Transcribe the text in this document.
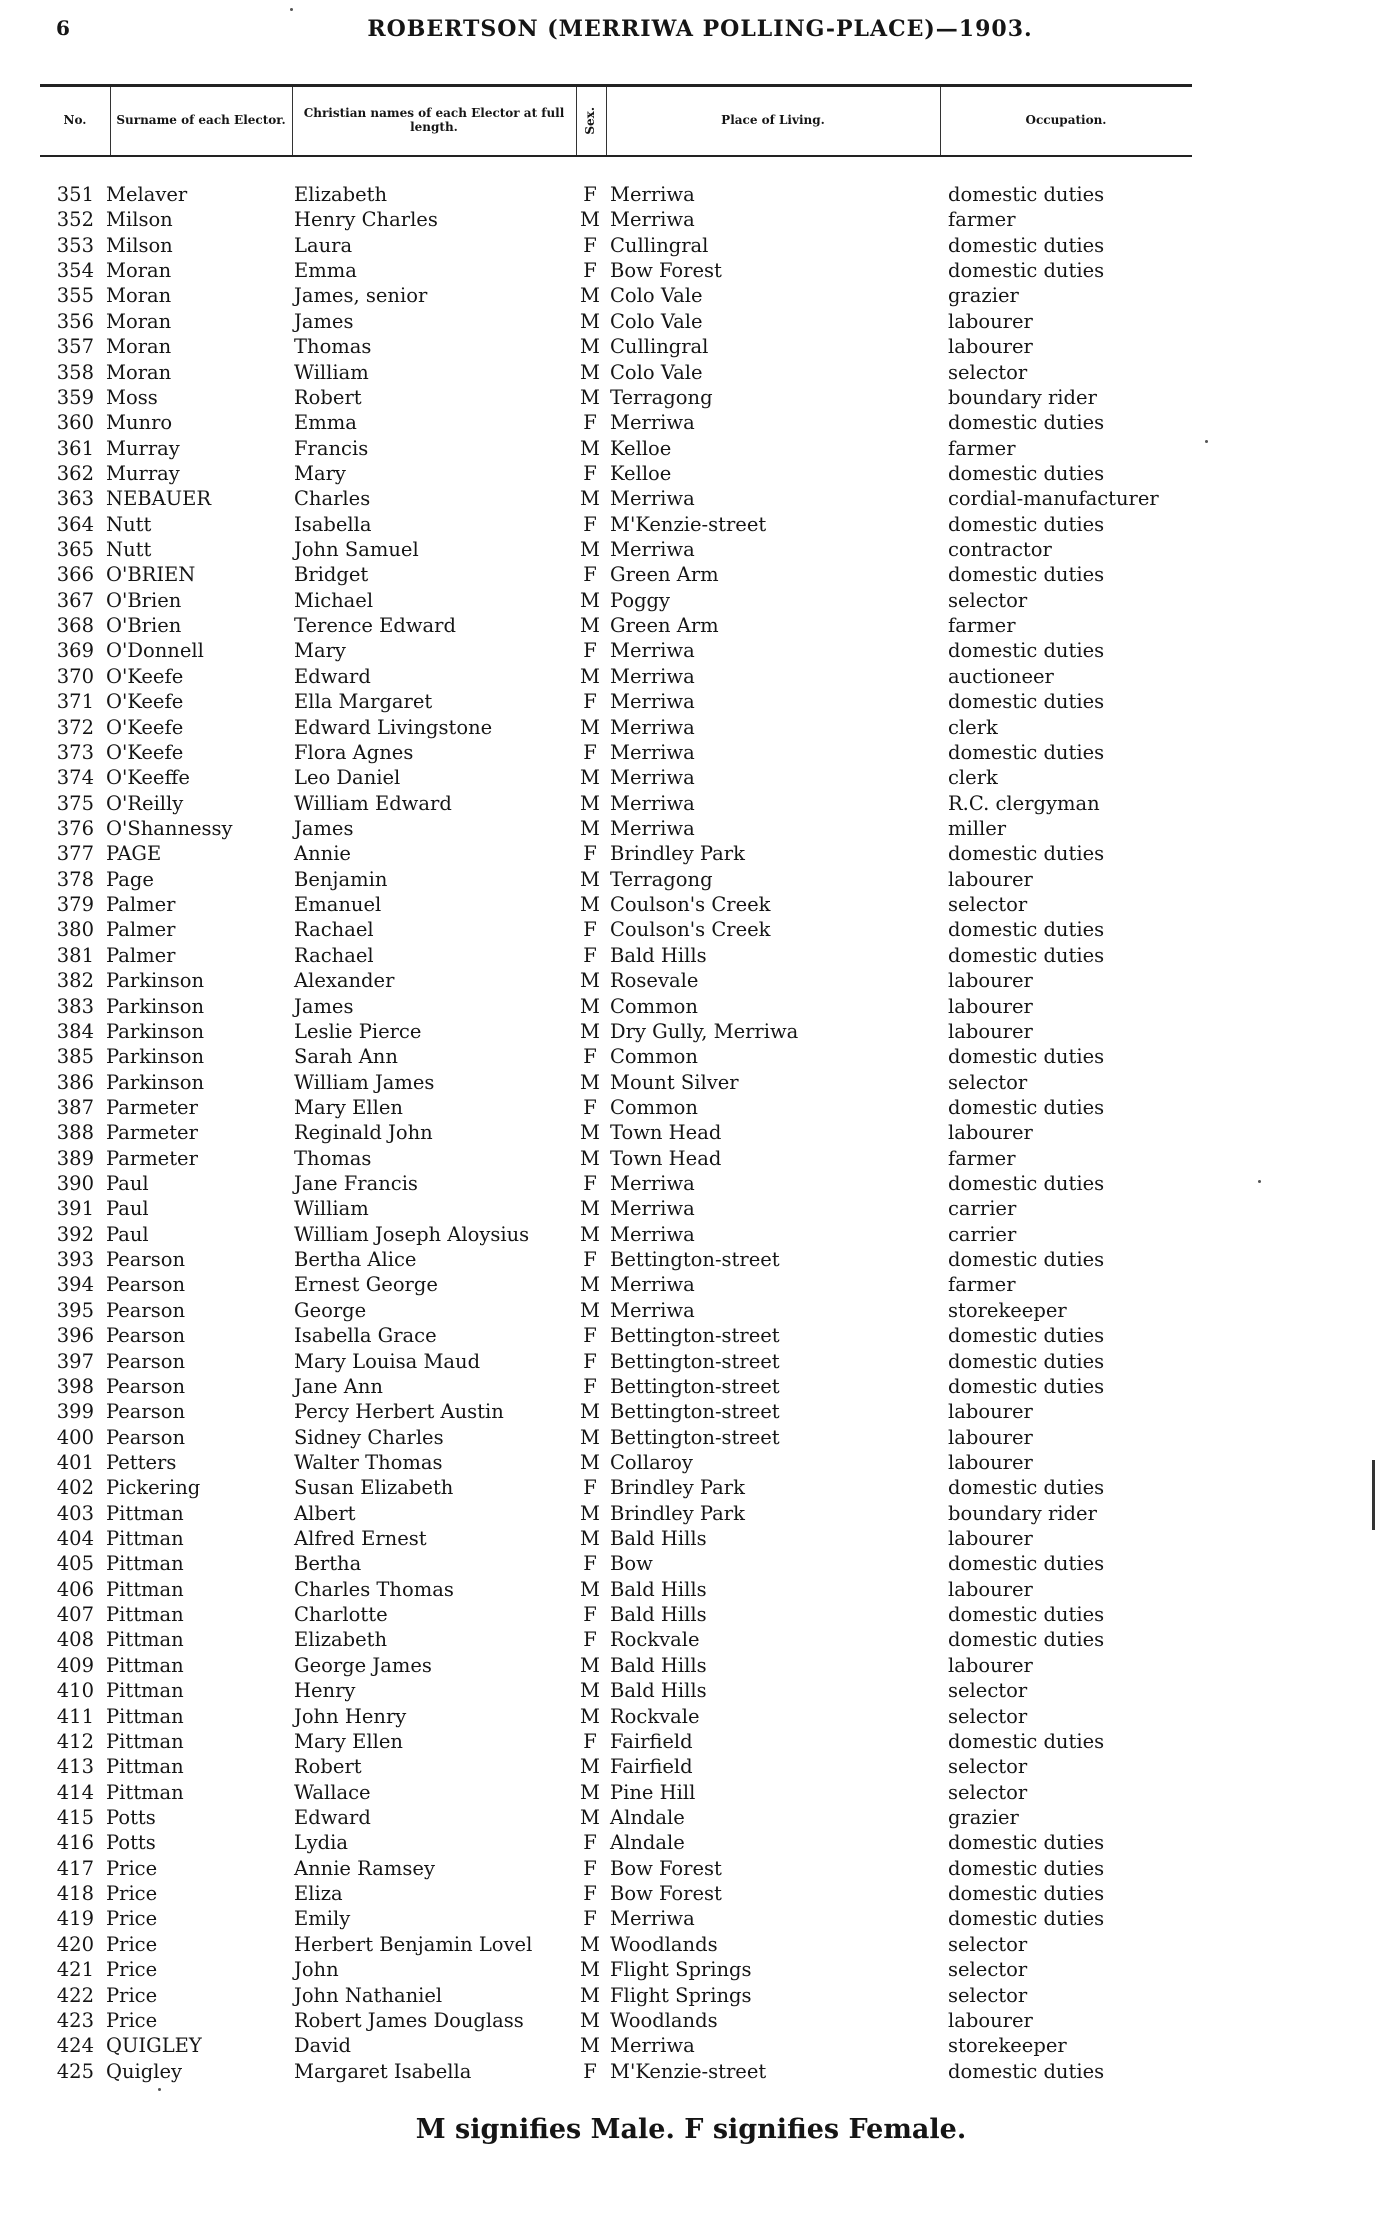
6	ROBERTSON (MERRIWA POLLING-PLACE)—1903.
No.	Surname of each Elector.	Christian names of each Elector at full length.	Sex.	Place of Living.	Occupation.
351 Melaver	Elizabeth	F Merriwa	domestic duties
352 Milson	Henry Charles	M Merriwa	farmer
353 Milson	Laura	F Cullingral	domestic duties
354 Moran	Emma	F Bow Forest	domestic duties
355 Moran	James, senior	M Colo Vale	grazier
356 Moran	James	M Colo Vale	labourer
357 Moran	Thomas	M Cullingral	labourer
358 Moran	William	M Colo Vale	selector
359 Moss	Robert	M Terragong	boundary rider
360 Munro	Emma	F Merriwa	domestic duties
361 Murray	Francis	M Kelloe	farmer
362 Murray	Mary	F Kelloe	domestic duties
363 NEBAUER	Charles	M Merriwa	cordial-manufacturer
364 Nutt	Isabella	F M'Kenzie-street	domestic duties
365 Nutt	John Samuel	M Merriwa	contractor
366 O'BRIEN	Bridget	F Green Arm	domestic duties
367 O'Brien	Michael	M Poggy	selector
368 O'Brien	Terence Edward	M Green Arm	farmer
369 O'Donnell	Mary	F Merriwa	domestic duties
370 O'Keefe	Edward	M Merriwa	auctioneer
371 O'Keefe	Ella Margaret	F Merriwa	domestic duties
372 O'Keefe	Edward Livingstone	M Merriwa	clerk
373 O'Keefe	Flora Agnes	F Merriwa	domestic duties
374 O'Keeffe	Leo Daniel	M Merriwa	clerk
375 O'Reilly	William Edward	M Merriwa	R.C. clergyman
376 O'Shannessy	James	M Merriwa	miller
377 PAGE	Annie	F Brindley Park	domestic duties
378 Page	Benjamin	M Terragong	labourer
379 Palmer	Emanuel	M Coulson's Creek	selector
380 Palmer	Rachael	F Coulson's Creek	domestic duties
381 Palmer	Rachael	F Bald Hills	domestic duties
382 Parkinson	Alexander	M Rosevale	labourer
383 Parkinson	James	M Common	labourer
384 Parkinson	Leslie Pierce	M Dry Gully, Merriwa	labourer
385 Parkinson	Sarah Ann	F Common	domestic duties
386 Parkinson	William James	M Mount Silver	selector
387 Parmeter	Mary Ellen	F Common	domestic duties
388 Parmeter	Reginald John	M Town Head	labourer
389 Parmeter	Thomas	M Town Head	farmer
390 Paul	Jane Francis	F Merriwa	domestic duties
391 Paul	William	M Merriwa	carrier
392 Paul	William Joseph Aloysius	M Merriwa	carrier
393 Pearson	Bertha Alice	F Bettington-street	domestic duties
394 Pearson	Ernest George	M Merriwa	farmer
395 Pearson	George	M Merriwa	storekeeper
396 Pearson	Isabella Grace	F Bettington-street	domestic duties
397 Pearson	Mary Louisa Maud	F Bettington-street	domestic duties
398 Pearson	Jane Ann	F Bettington-street	domestic duties
399 Pearson	Percy Herbert Austin	M Bettington-street	labourer
400 Pearson	Sidney Charles	M Bettington-street	labourer
401 Petters	Walter Thomas	M Collaroy	labourer
402 Pickering	Susan Elizabeth	F Brindley Park	domestic duties
403 Pittman	Albert	M Brindley Park	boundary rider
404 Pittman	Alfred Ernest	M Bald Hills	labourer
405 Pittman	Bertha	F Bow	domestic duties
406 Pittman	Charles Thomas	M Bald Hills	labourer
407 Pittman	Charlotte	F Bald Hills	domestic duties
408 Pittman	Elizabeth	F Rockvale	domestic duties
409 Pittman	George James	M Bald Hills	labourer
410 Pittman	Henry	M Bald Hills	selector
411 Pittman	John Henry	M Rockvale	selector
412 Pittman	Mary Ellen	F Fairfield	domestic duties
413 Pittman	Robert	M Fairfield	selector
414 Pittman	Wallace	M Pine Hill	selector
415 Potts	Edward	M Alndale	grazier
416 Potts	Lydia	F Alndale	domestic duties
417 Price	Annie Ramsey	F Bow Forest	domestic duties
418 Price	Eliza	F Bow Forest	domestic duties
419 Price	Emily	F Merriwa	domestic duties
420 Price	Herbert Benjamin Lovel M Woodlands	selector
421 Price	John	M Flight Springs	selector
422 Price	John Nathaniel	M Flight Springs	selector
423 Price	Robert James Douglass	M Woodlands	labourer
424 QUIGLEY	David	M Merriwa	storekeeper
425 Quigley	Margaret Isabella	F M'Kenzie-street	domestic duties
M signifies Male. F signifies Female.
